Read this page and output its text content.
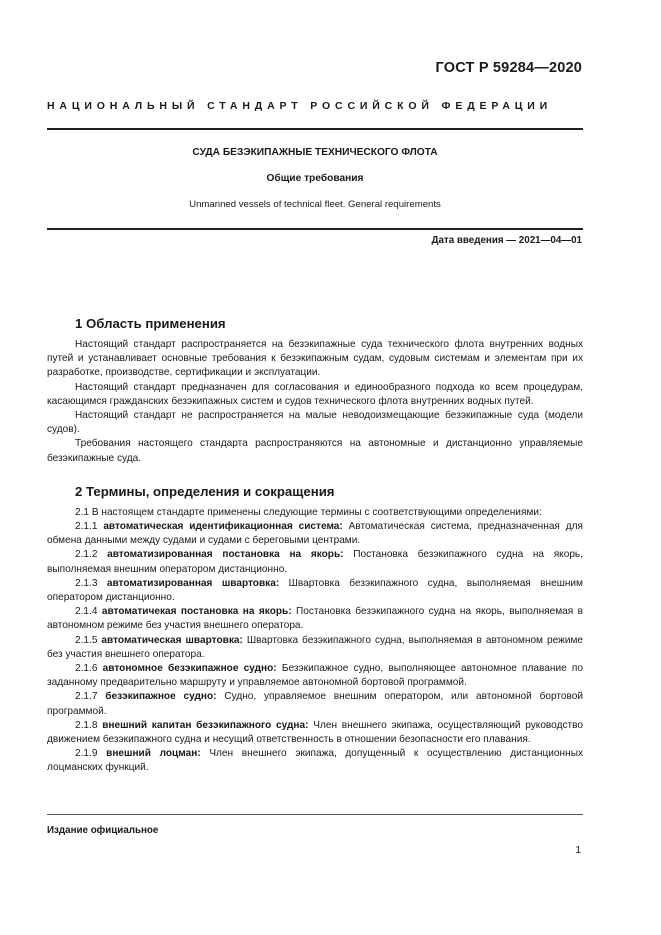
ГОСТ Р 59284—2020
НАЦИОНАЛЬНЫЙ СТАНДАРТ РОССИЙСКОЙ ФЕДЕРАЦИИ
СУДА БЕЗЭКИПАЖНЫЕ ТЕХНИЧЕСКОГО ФЛОТА
Общие требования
Unmanned vessels of technical fleet. General requirements
Дата введения — 2021—04—01
1 Область применения

Настоящий стандарт распространяется на безэкипажные суда технического флота внутренних водных путей и устанавливает основные требования к безэкипажным судам, судовым системам и элементам при их разработке, производстве, сертификации и эксплуатации.

Настоящий стандарт предназначен для согласования и единообразного подхода ко всем процедурам, касающимся гражданских безэкипажных систем и судов технического флота внутренних водных путей.

Настоящий стандарт не распространяется на малые неводоизмещающие безэкипажные суда (модели судов).

Требования настоящего стандарта распространяются на автономные и дистанционно управляемые безэкипажные суда.

2 Термины, определения и сокращения

2.1 В настоящем стандарте применены следующие термины с соответствующими определениями:

2.1.1 автоматическая идентификационная система: Автоматическая система, предназначенная для обмена данными между судами и судами с береговыми центрами.

2.1.2 автоматизированная постановка на якорь: Постановка безэкипажного судна на якорь, выполняемая внешним оператором дистанционно.

2.1.3 автоматизированная швартовка: Швартовка безэкипажного судна, выполняемая внешним оператором дистанционно.

2.1.4 автоматичекая постановка на якорь: Постановка безэкипажного судна на якорь, выполняемая в автономном режиме без участия внешнего оператора.

2.1.5 автоматическая швартовка: Швартовка безэкипажного судна, выполняемая в автономном режиме без участия внешнего оператора.

2.1.6 автономное безэкипажное судно: Безэкипажное судно, выполняющее автономное плавание по заданному предварительно маршруту и управляемое автономной бортовой программой.

2.1.7 безэкипажное судно: Судно, управляемое внешним оператором, или автономной бортовой программой.

2.1.8 внешний капитан безэкипажного судна: Член внешнего экипажа, осуществляющий руководство движением безэкипажного судна и несущий ответственность в отношении безопасности его плавания.

2.1.9 внешний лоцман: Член внешнего экипажа, допущенный к осуществлению дистанционных лоцманских функций.

Издание официальное
1
